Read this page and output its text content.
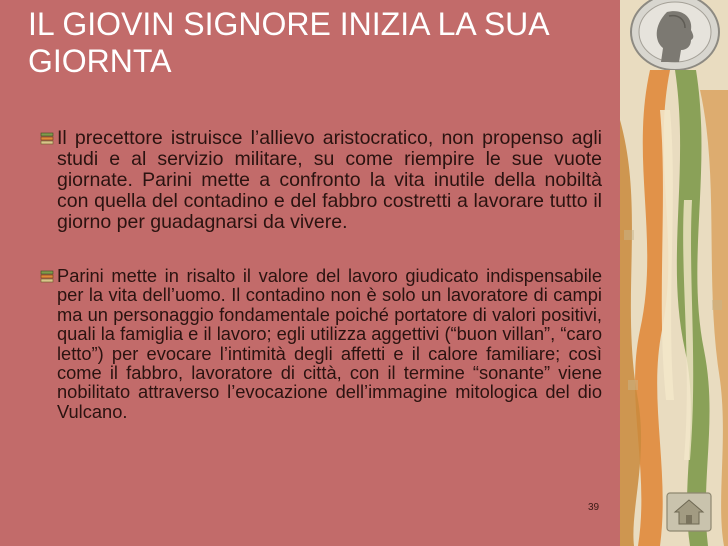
IL GIOVIN SIGNORE INIZIA LA SUA GIORNTA

Il precettore istruisce l’allievo aristocratico, non propenso agli studi e al servizio militare, su come riempire le sue vuote giornate. Parini mette a confronto la vita inutile della nobiltà con quella del contadino e del fabbro costretti a lavorare tutto il giorno per guadagnarsi da vivere.

Parini mette in risalto il valore del lavoro giudicato indispensabile per la vita dell’uomo. Il contadino non è solo un lavoratore di campi ma un personaggio fondamentale poiché portatore di valori positivi, quali la famiglia e il lavoro; egli utilizza aggettivi (“buon villan”, “caro letto”) per evocare l’intimità degli affetti e il calore familiare; così come il fabbro, lavoratore di città, con il termine “sonante” viene nobilitato attraverso l’evocazione dell’immagine mitologica del dio Vulcano.

39
